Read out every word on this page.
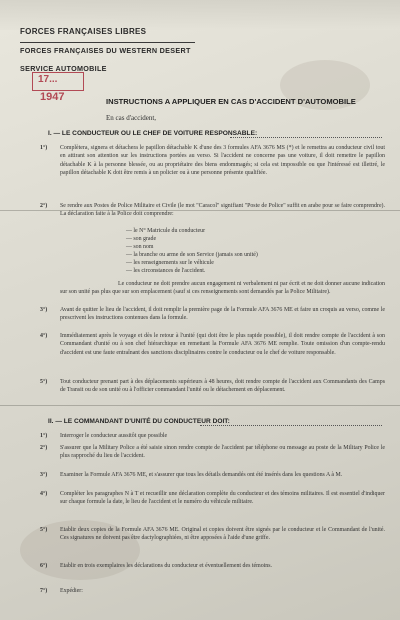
FORCES FRANÇAISES LIBRES
FORCES FRANÇAISES DU WESTERN DESERT
SERVICE AUTOMOBILE
17...
1947	INSTRUCTIONS A APPLIQUER EN CAS D'ACCIDENT D'AUTOMOBILE
En cas d'accident,
I. — LE CONDUCTEUR OU LE CHEF DE VOITURE RESPONSABLE:
1°) Complètera, signera et détachera le papillon détachable K d'une des 3 formules AFA 3676 MS (*) et le remettra au conducteur civil tout en attirant son attention sur les instructions portées au verso. Si l'accident ne concerne pas une voiture, il doit remettre le papillon détachable K à la personne blessée, ou au propriétaire des biens endommagés; si cela est impossible ou que l'intéressé est illettré, le papillon détachable K doit être remis à un policier ou à une personne présente qualifiée.
2°) Se rendre aux Postes de Police Militaire et Civile (le mot "Caracol" signifiant "Poste de Police" suffit en arabe pour se faire comprendre). La déclaration faite à la Police doit comprendre:
— le N° Matricule du conducteur
— son grade
— son nom
— la branche ou arme de son Service (jamais son unité)
— les renseignements sur le véhicule
— les circonstances de l'accident.
Le conducteur ne doit prendre aucun engagement ni verbalement ni par écrit et ne doit donner aucune indication sur son unité pas plus que sur son emplacement (sauf si ces renseignements sont demandés par la Police Militaire).
3°) Avant de quitter le lieu de l'accident, il doit remplir la première page de la Formule AFA 3676 ME et faire un croquis au verso, comme le prescrivent les instructions contenues dans la formule.
4°) Immédiatement après le voyage et dès le retour à l'unité (qui doit être le plus rapide possible), il doit rendre compte de l'accident à son Commandant d'unité ou à son chef hiérarchique en remettant la Formule AFA 3676 ME remplie. Toute omission d'un compte-rendu d'accident est une faute entraînant des sanctions disciplinaires contre le conducteur ou le chef de voiture responsable.
5°) Tout conducteur prenant part à des déplacements supérieurs à 48 heures, doit rendre compte de l'accident aux Commandants des Camps de Transit ou de son unité ou à l'officier commandant l'unité ou le détachement en déplacement.
II. — LE COMMANDANT D'UNITÉ DU CONDUCTEUR DOIT:
1°) Interroger le conducteur aussitôt que possible
2°) S'assurer que la Military Police a été saisie sinon rendre compte de l'accident par téléphone ou message au poste de la Military Police le plus rapproché du lieu de l'accident.
3°) Examiner la Formule AFA 3676 ME, et s'assurer que tous les détails demandés ont été insérés dans les questions A à M.
4°) Compléter les paragraphes N à T et recueillir une déclaration complète du conducteur et des témoins militaires. Il est essentiel d'indiquer sur chaque formule la date, le lieu de l'accident et le numéro du véhicule militaire.
5°) Etablir deux copies de la Formule AFA 3676 ME. Original et copies doivent être signés par le conducteur et le Commandant de l'unité. Ces signatures ne doivent pas être dactylographiées, ni être apposées à l'aide d'une griffe.
6°) Etablir en trois exemplaires les déclarations du conducteur et éventuellement des témoins.
7°) Expédier:
